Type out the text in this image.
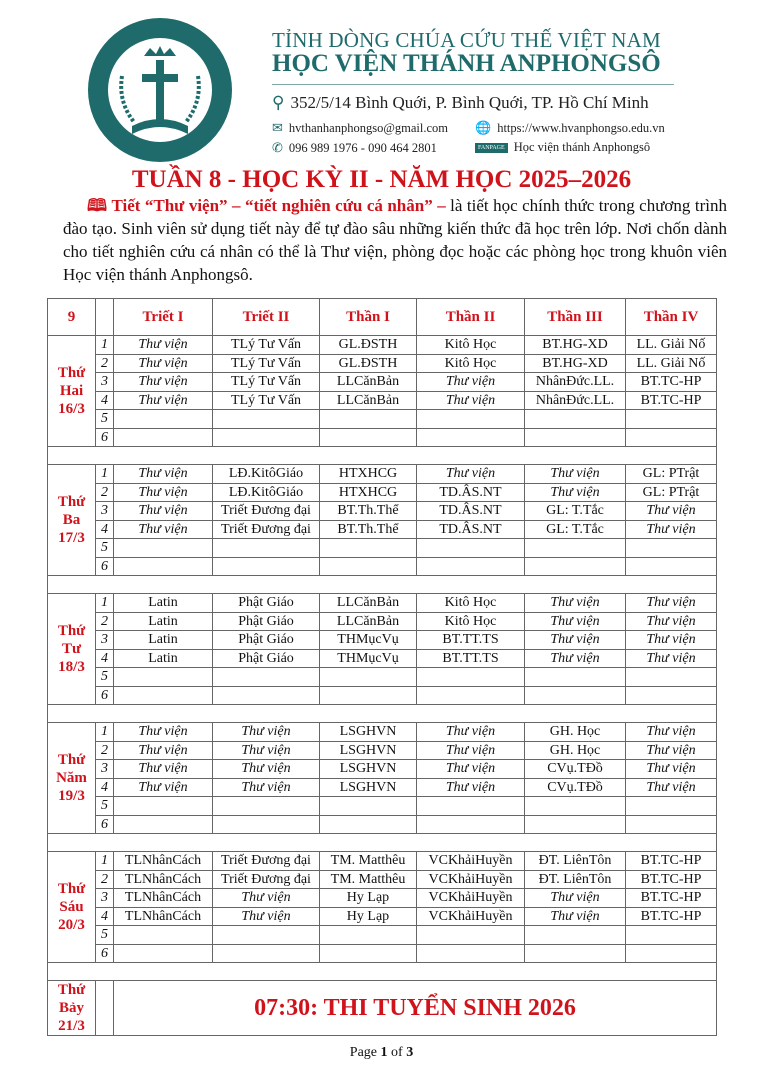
TỈNH DÒNG CHÚA CỨU THẾ VIỆT NAM
HỌC VIỆN THÁNH ANPHONGSÔ
⚲ 352/5/14 Bình Quới, P. Bình Quới, TP. Hồ Chí Minh
✉ hvthanhanphongso@gmail.com 🌐 https://www.hvanphongso.edu.vn
✆ 096 989 1976 - 090 464 2801	FANPAGE Học viện thánh Anphongsô
TUẦN 8 - HỌC KỲ II - NĂM HỌC 2025–2026

🕮 Tiết “Thư viện” – “tiết nghiên cứu cá nhân” – là tiết học chính thức trong chương trình đào tạo. Sinh viên sử dụng tiết này để tự đào sâu những kiến thức đã học trên lớp. Nơi chốn dành cho tiết nghiên cứu cá nhân có thể là Thư viện, phòng đọc hoặc các phòng học trong khuôn viên Học viện thánh Anphongsô.

9		Triết I	Triết II	Thần I	Thần II	Thần III	Thần IV

Thứ
Hai
16/3	1	Thư viện	TLý Tư Vấn	GL.ĐSTH	Kitô Học	BT.HG-XD	LL. Giải Nố
	2	Thư viện	TLý Tư Vấn	GL.ĐSTH	Kitô Học	BT.HG-XD	LL. Giải Nố
	3	Thư viện	TLý Tư Vấn	LLCănBản	Thư viện	NhânĐức.LL.	BT.TC-HP
	4	Thư viện	TLý Tư Vấn	LLCănBản	Thư viện	NhânĐức.LL.	BT.TC-HP
	5						
	6						

Thứ
Ba
17/3	1	Thư viện	LĐ.KitôGiáo	HTXHCG	Thư viện	Thư viện	GL: PTrật
	2	Thư viện	LĐ.KitôGiáo	HTXHCG	TD.ÂS.NT	Thư viện	GL: PTrật
	3	Thư viện	Triết Đương đại	BT.Th.Thể	TD.ÂS.NT	GL: T.Tắc	Thư viện
	4	Thư viện	Triết Đương đại	BT.Th.Thể	TD.ÂS.NT	GL: T.Tắc	Thư viện
	5						
	6						

Thứ
Tư
18/3	1	Latin	Phật Giáo	LLCănBản	Kitô Học	Thư viện	Thư viện
	2	Latin	Phật Giáo	LLCănBản	Kitô Học	Thư viện	Thư viện
	3	Latin	Phật Giáo	THMụcVụ	BT.TT.TS	Thư viện	Thư viện
	4	Latin	Phật Giáo	THMụcVụ	BT.TT.TS	Thư viện	Thư viện
	5						
	6						

Thứ
Năm
19/3	1	Thư viện	Thư viện	LSGHVN	Thư viện	GH. Học	Thư viện
	2	Thư viện	Thư viện	LSGHVN	Thư viện	GH. Học	Thư viện
	3	Thư viện	Thư viện	LSGHVN	Thư viện	CVụ.TĐồ	Thư viện
	4	Thư viện	Thư viện	LSGHVN	Thư viện	CVụ.TĐồ	Thư viện
	5						
	6						

Thứ
Sáu
20/3	1	TLNhânCách	Triết Đương đại	TM. Matthêu	VCKhảiHuyền	ĐT. LiênTôn	BT.TC-HP
	2	TLNhânCách	Triết Đương đại	TM. Matthêu	VCKhảiHuyền	ĐT. LiênTôn	BT.TC-HP
	3	TLNhânCách	Thư viện	Hy Lạp	VCKhảiHuyền	Thư viện	BT.TC-HP
	4	TLNhânCách	Thư viện	Hy Lạp	VCKhảiHuyền	Thư viện	BT.TC-HP
	5						
	6						

Thứ
Bảy
21/3		07:30: THI TUYỂN SINH 2026					
Page 1 of 3
